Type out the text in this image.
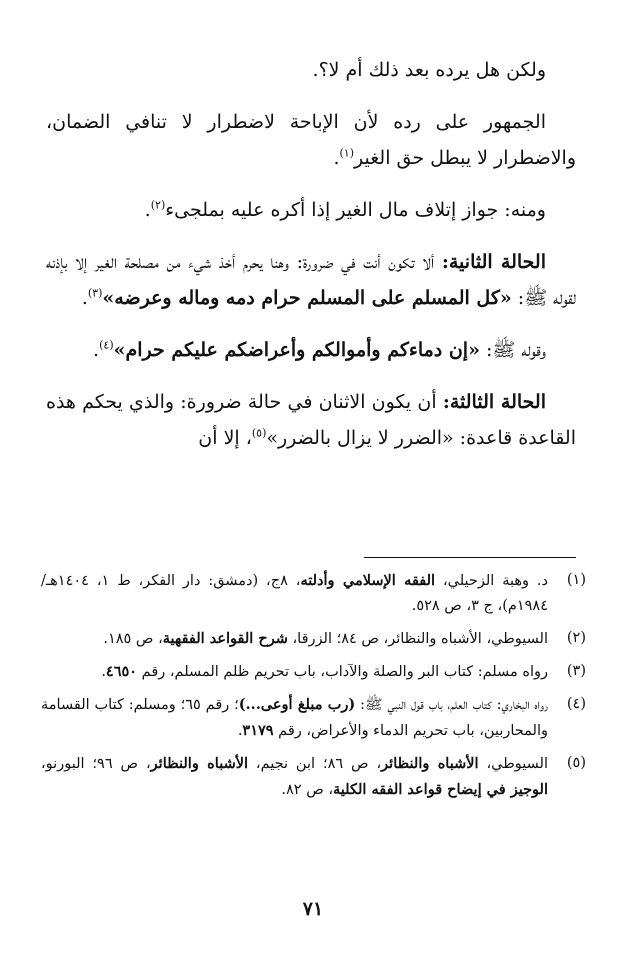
ولكن هل يرده بعد ذلك أم لا؟.

الجمهور على رده لأن الإباحة لاضطرار لا تنافي الضمان، والاضطرار لا يبطل حق الغير$^{(١)}$.

ومنه: جواز إتلاف مال الغير إذا أكره عليه بملجىء$^{(٢)}$.

الحالة الثانية: ألا تكون أنت في ضرورة: وهنا يحرم أخذ شيء من مصلحة الغير إلا بإذنه لقوله ﷺ: «كل المسلم على المسلم حرام دمه وماله وعرضه»$^{(٣)}$.

وقوله ﷺ: «إن دماءكم وأموالكم وأعراضكم عليكم حرام»$^{(٤)}$.

الحالة الثالثة: أن يكون الاثنان في حالة ضرورة: والذي يحكم هذه القاعدة قاعدة: «الضرر لا يزال بالضرر»$^{(٥)}$، إلا أن

(١)
د. وهبة الزحيلي، الفقه الإسلامي وأدلته، ٨ج، (دمشق: دار الفكر، ط ١، ١٤٠٤هـ/ ١٩٨٤م)، ج ٣، ص ٥٢٨.
(٢)
السيوطي، الأشباه والنظائر، ص ٨٤؛ الزرقا، شرح القواعد الفقهية، ص ١٨٥.
(٣)
رواه مسلم: كتاب البر والصلة والآداب، باب تحريم ظلم المسلم، رقم ٤٦٥٠.
(٤)
رواه البخاري: كتاب العلم، باب قول النبي ﷺ: (رب مبلغ أوعى...)؛ رقم ٦٥؛ ومسلم: كتاب القسامة والمحاربين، باب تحريم الدماء والأعراض، رقم ٣١٧٩.
(٥)
السيوطي، الأشباه والنظائر، ص ٨٦؛ ابن نجيم، الأشباه والنظائر، ص ٩٦؛ البورنو، الوجيز في إيضاح قواعد الفقه الكلية، ص ٨٢.
٧١
